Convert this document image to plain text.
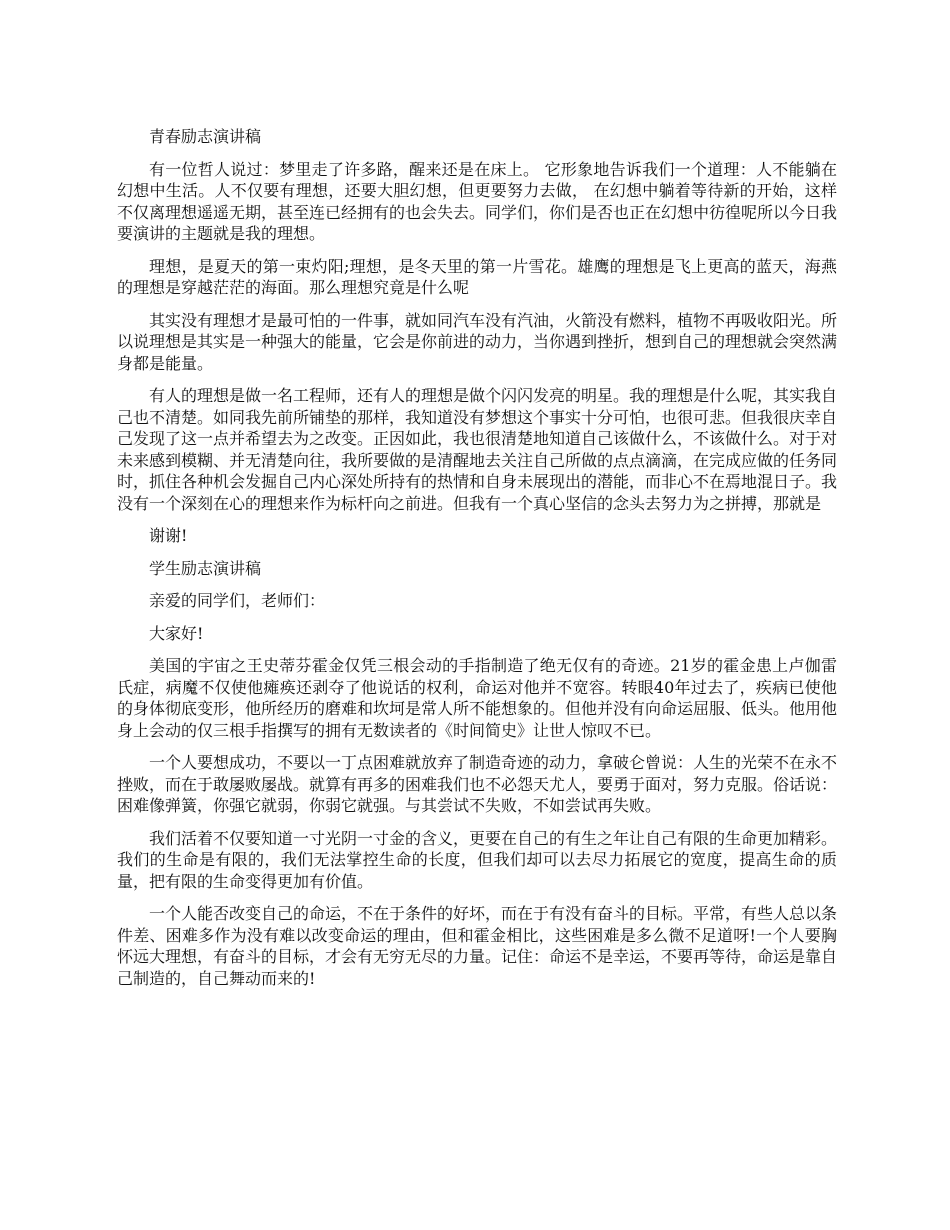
青春励志演讲稿

有一位哲人说过：梦里走了许多路，醒来还是在床上。 它形象地告诉我们一个道理：人不能躺在幻想中生活。人不仅要有理想，还要大胆幻想，但更要努力去做， 在幻想中躺着等待新的开始，这样不仅离理想遥遥无期，甚至连已经拥有的也会失去。同学们，你们是否也正在幻想中彷徨呢所以今日我要演讲的主题就是我的理想。

理想，是夏天的第一束灼阳;理想，是冬天里的第一片雪花。雄鹰的理想是飞上更高的蓝天，海燕的理想是穿越茫茫的海面。那么理想究竟是什么呢

其实没有理想才是最可怕的一件事，就如同汽车没有汽油，火箭没有燃料，植物不再吸收阳光。所以说理想是其实是一种强大的能量，它会是你前进的动力，当你遇到挫折，想到自己的理想就会突然满身都是能量。

有人的理想是做一名工程师，还有人的理想是做个闪闪发亮的明星。我的理想是什么呢，其实我自己也不清楚。如同我先前所铺垫的那样，我知道没有梦想这个事实十分可怕，也很可悲。但我很庆幸自己发现了这一点并希望去为之改变。正因如此，我也很清楚地知道自己该做什么，不该做什么。对于对未来感到模糊、并无清楚向往，我所要做的是清醒地去关注自己所做的点点滴滴，在完成应做的任务同时，抓住各种机会发掘自己内心深处所持有的热情和自身未展现出的潜能，而非心不在焉地混日子。我没有一个深刻在心的理想来作为标杆向之前进。但我有一个真心坚信的念头去努力为之拼搏，那就是

谢谢!

学生励志演讲稿

亲爱的同学们，老师们：

大家好!

美国的宇宙之王史蒂芬霍金仅凭三根会动的手指制造了绝无仅有的奇迹。21岁的霍金患上卢伽雷氏症，病魔不仅使他瘫痪还剥夺了他说话的权利，命运对他并不宽容。转眼40年过去了，疾病已使他的身体彻底变形，他所经历的磨难和坎坷是常人所不能想象的。但他并没有向命运屈服、低头。他用他身上会动的仅三根手指撰写的拥有无数读者的《时间简史》让世人惊叹不已。

一个人要想成功，不要以一丁点困难就放弃了制造奇迹的动力，拿破仑曾说：人生的光荣不在永不挫败，而在于敢屡败屡战。就算有再多的困难我们也不必怨天尤人，要勇于面对，努力克服。俗话说：困难像弹簧，你强它就弱，你弱它就强。与其尝试不失败，不如尝试再失败。

我们活着不仅要知道一寸光阴一寸金的含义，更要在自己的有生之年让自己有限的生命更加精彩。我们的生命是有限的，我们无法掌控生命的长度，但我们却可以去尽力拓展它的宽度，提高生命的质量，把有限的生命变得更加有价值。

一个人能否改变自己的命运，不在于条件的好坏，而在于有没有奋斗的目标。平常，有些人总以条件差、困难多作为没有难以改变命运的理由，但和霍金相比，这些困难是多么微不足道呀!一个人要胸怀远大理想，有奋斗的目标，才会有无穷无尽的力量。记住：命运不是幸运，不要再等待，命运是靠自己制造的，自己舞动而来的!
